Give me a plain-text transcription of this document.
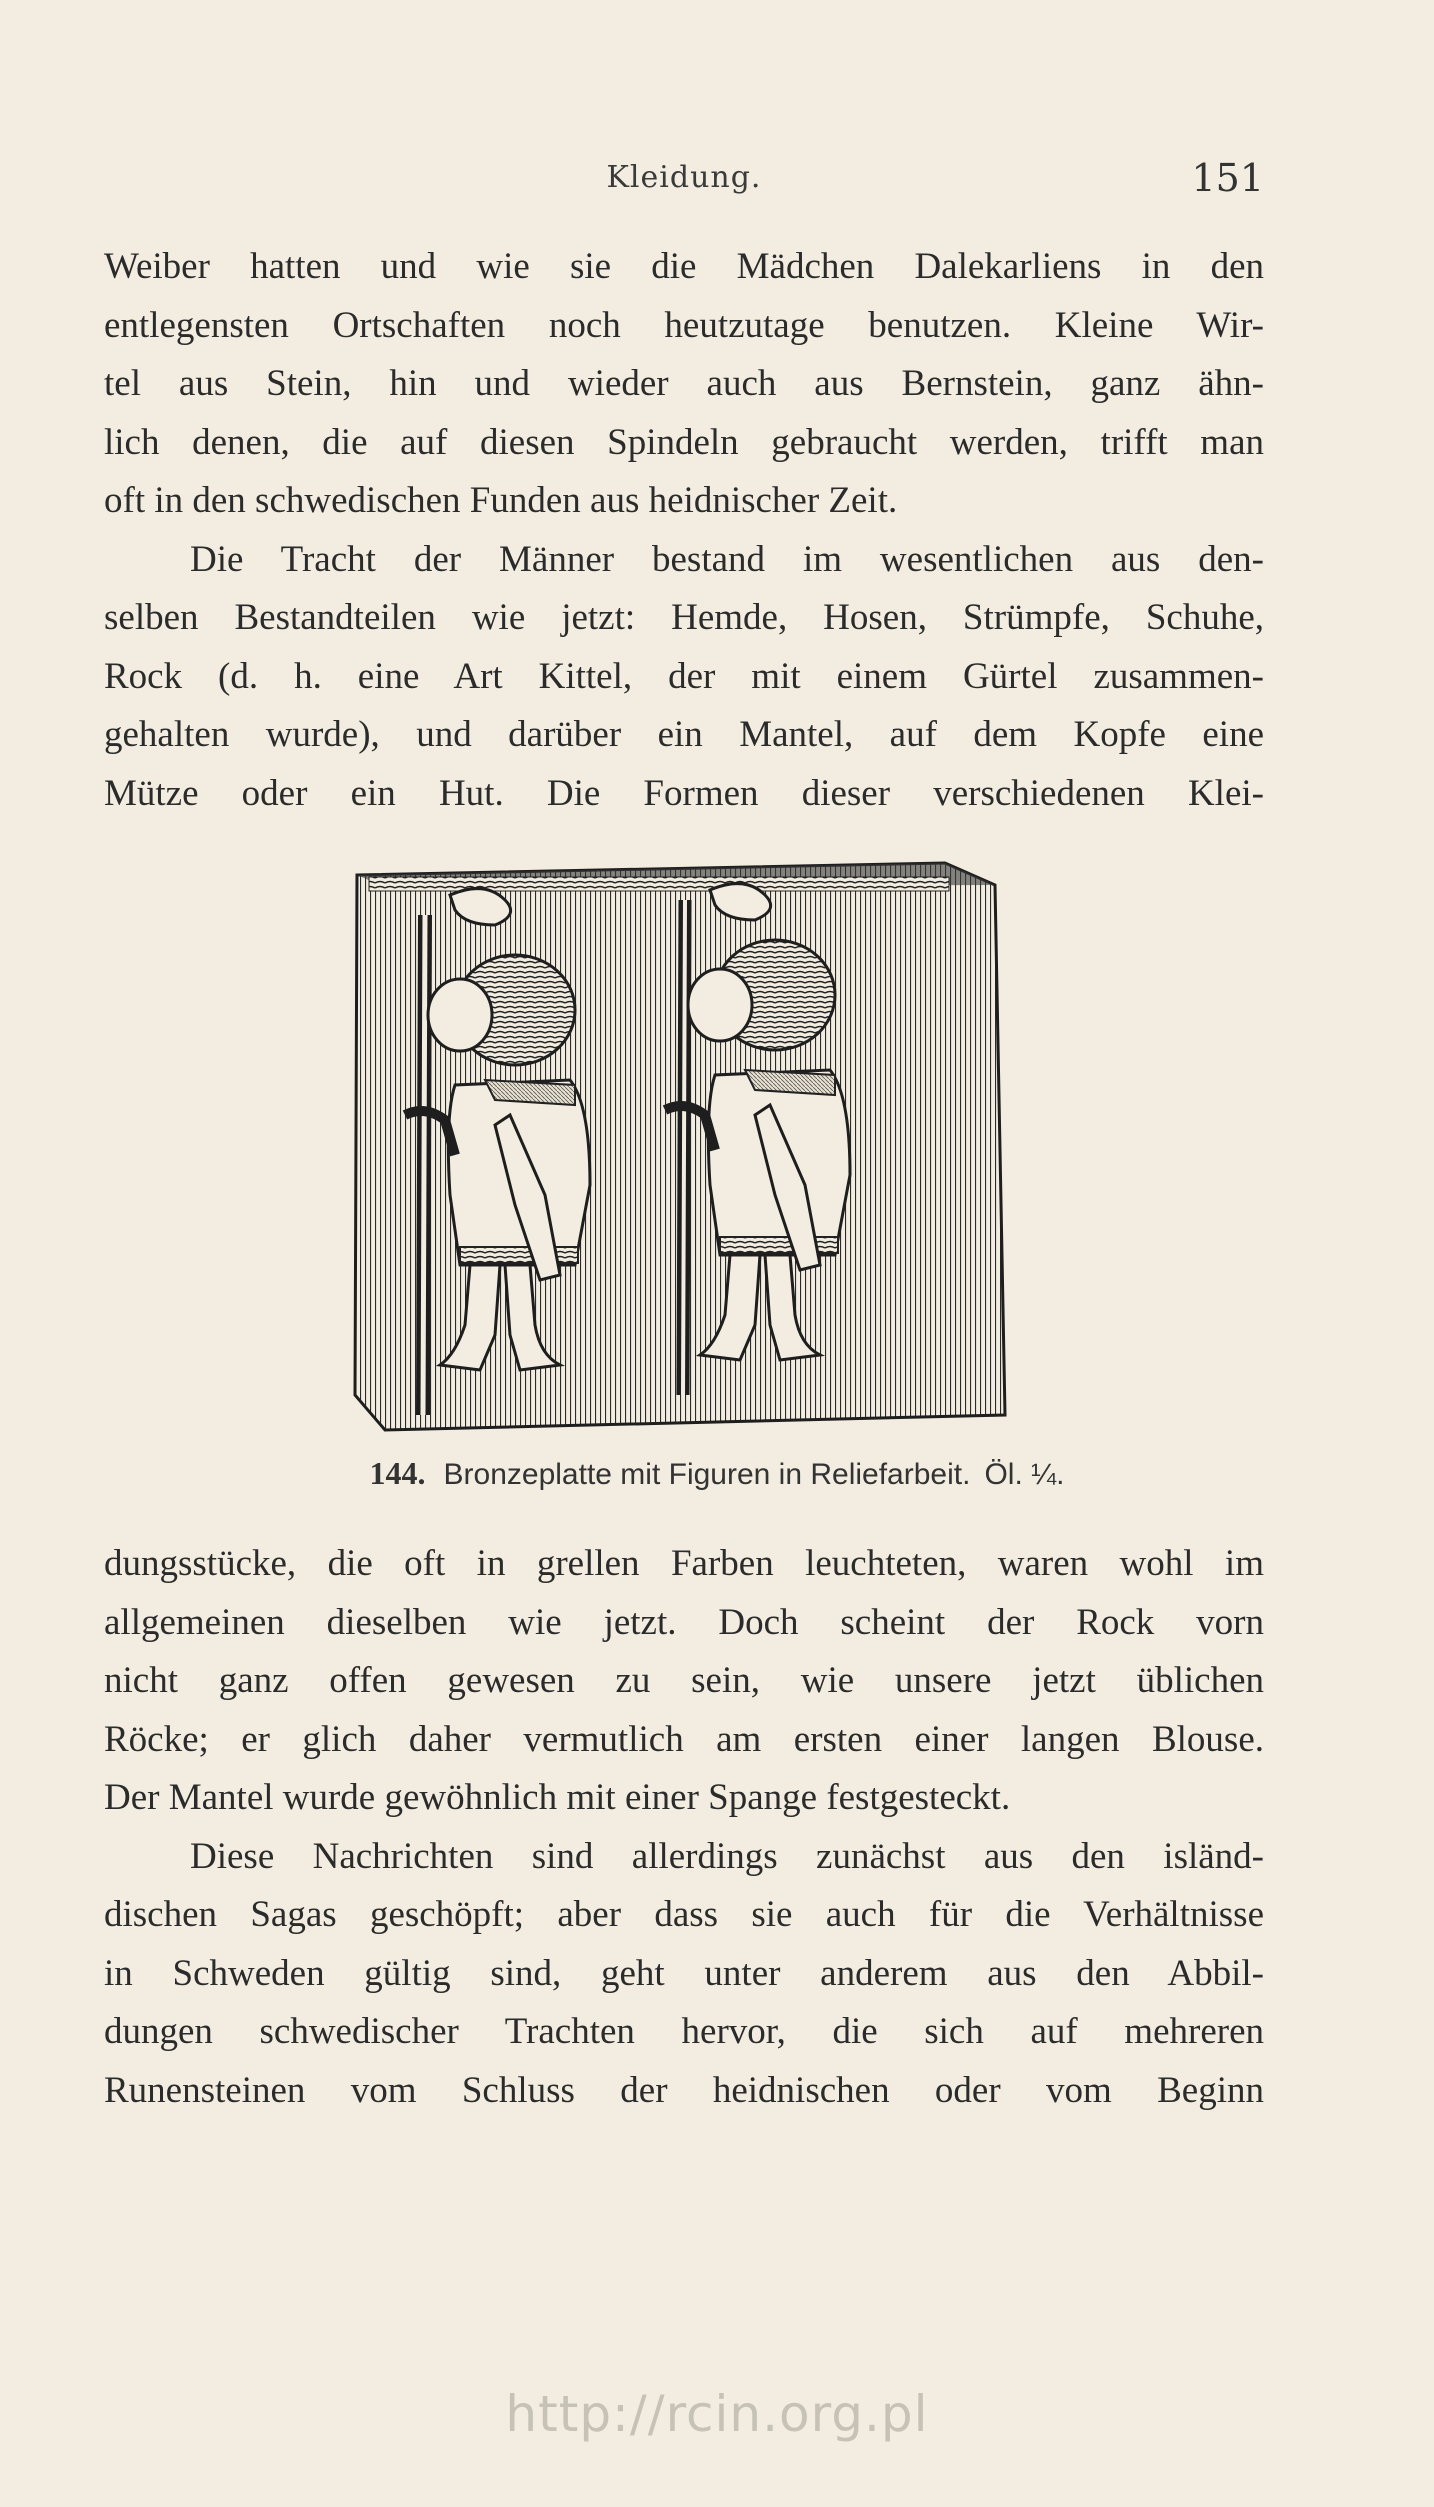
Kleidung.	151
Weiber hatten und wie sie die Mädchen Dalekarliens in den
entlegensten Ortschaften noch heutzutage benutzen. Kleine Wir-
tel aus Stein, hin und wieder auch aus Bernstein, ganz ähn-
lich denen, die auf diesen Spindeln gebraucht werden, trifft man
oft in den schwedischen Funden aus heidnischer Zeit.
Die Tracht der Männer bestand im wesentlichen aus den-
selben Bestandteilen wie jetzt: Hemde, Hosen, Strümpfe, Schuhe,
Rock (d. h. eine Art Kittel, der mit einem Gürtel zusammen-
gehalten wurde), und darüber ein Mantel, auf dem Kopfe eine
Mütze oder ein Hut. Die Formen dieser verschiedenen Klei-
144. Bronzeplatte mit Figuren in Reliefarbeit. Öl. ¼.
dungsstücke, die oft in grellen Farben leuchteten, waren wohl im
allgemeinen dieselben wie jetzt. Doch scheint der Rock vorn
nicht ganz offen gewesen zu sein, wie unsere jetzt üblichen
Röcke; er glich daher vermutlich am ersten einer langen Blouse.
Der Mantel wurde gewöhnlich mit einer Spange festgesteckt.
Diese Nachrichten sind allerdings zunächst aus den isländ-
dischen Sagas geschöpft; aber dass sie auch für die Verhältnisse
in Schweden gültig sind, geht unter anderem aus den Abbil-
dungen schwedischer Trachten hervor, die sich auf mehreren
Runensteinen vom Schluss der heidnischen oder vom Beginn
http://rcin.org.pl
